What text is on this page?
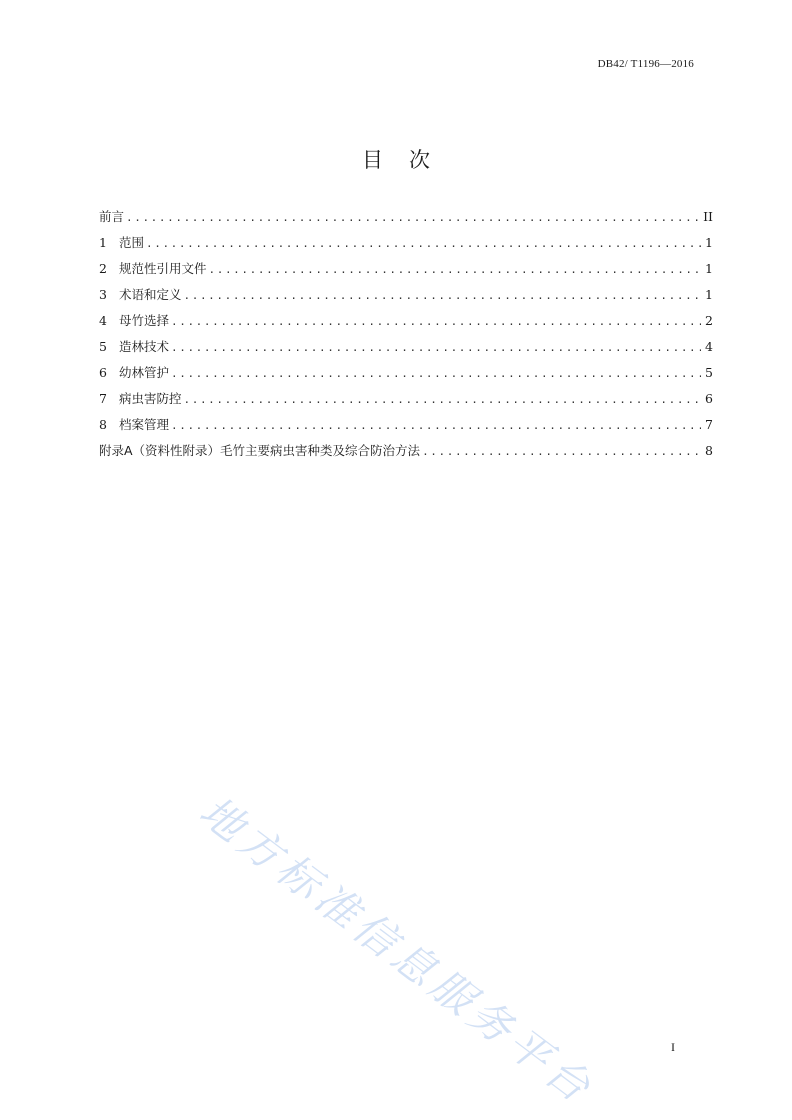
DB42/ T1196—2016
目 次
前言 .....	II
1 范围 .....	1
2 规范性引用文件 .....	1
3 术语和定义 .....	1
4 母竹选择 .....	2
5 造林技术 .....	4
6 幼林管护 .....	5
7 病虫害防控 .....	6
8 档案管理 .....	7
附录A（资料性附录）毛竹主要病虫害种类及综合防治方法 .....	8
地方标准信息服务平台	I
